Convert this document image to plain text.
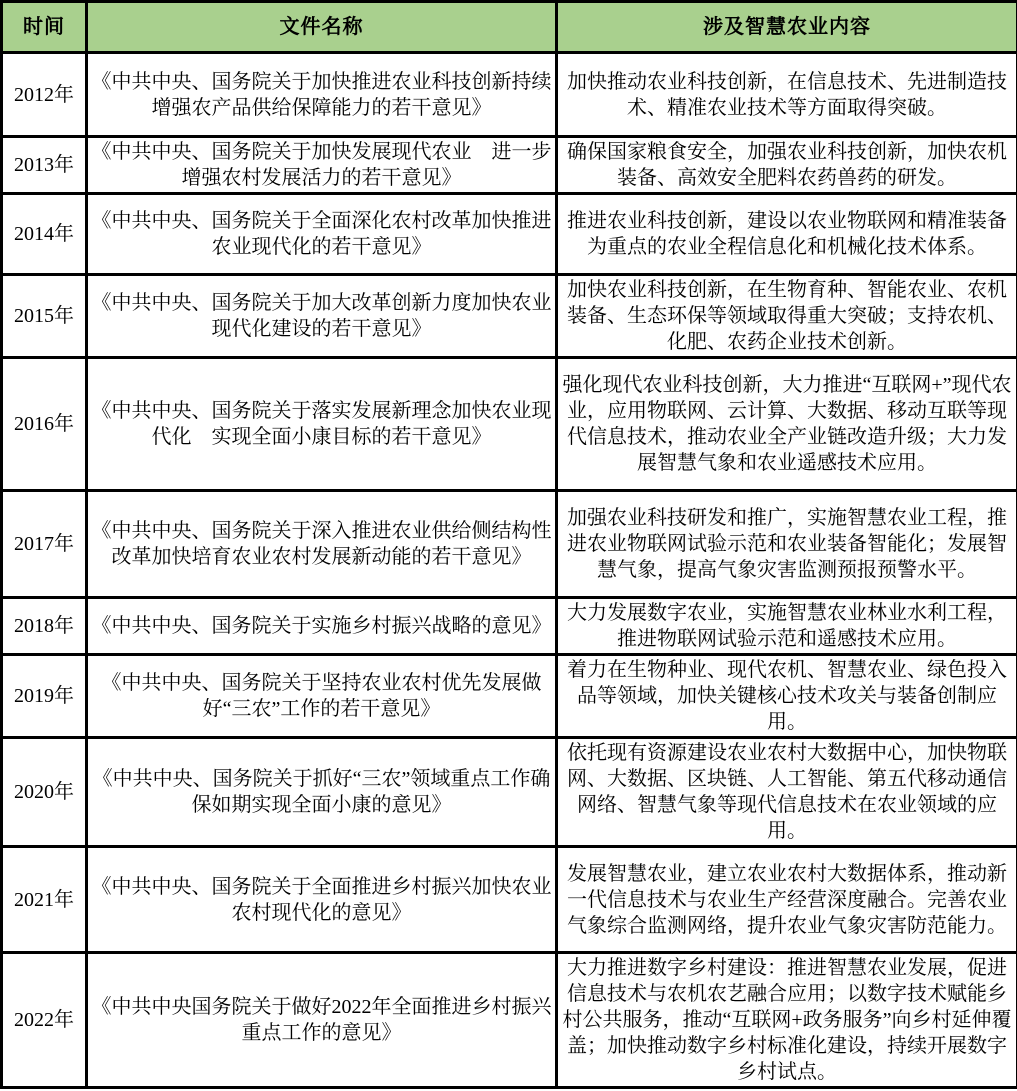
时间	文件名称	涉及智慧农业内容
2012年	《中共中央、国务院关于加快推进农业科技创新持续增强农产品供给保障能力的若干意见》	加快推动农业科技创新，在信息技术、先进制造技术、精准农业技术等方面取得突破。
2013年	《中共中央、国务院关于加快发展现代农业　进一步增强农村发展活力的若干意见》	确保国家粮食安全，加强农业科技创新，加快农机装备、高效安全肥料农药兽药的研发。
2014年	《中共中央、国务院关于全面深化农村改革加快推进农业现代化的若干意见》	推进农业科技创新，建设以农业物联网和精准装备为重点的农业全程信息化和机械化技术体系。
2015年	《中共中央、国务院关于加大改革创新力度加快农业现代化建设的若干意见》	加快农业科技创新，在生物育种、智能农业、农机装备、生态环保等领域取得重大突破；支持农机、化肥、农药企业技术创新。
2016年	《中共中央、国务院关于落实发展新理念加快农业现代化　实现全面小康目标的若干意见》	强化现代农业科技创新，大力推进“互联网+”现代农业，应用物联网、云计算、大数据、移动互联等现代信息技术，推动农业全产业链改造升级；大力发展智慧气象和农业遥感技术应用。
2017年	《中共中央、国务院关于深入推进农业供给侧结构性改革加快培育农业农村发展新动能的若干意见》	加强农业科技研发和推广，实施智慧农业工程，推进农业物联网试验示范和农业装备智能化；发展智慧气象，提高气象灾害监测预报预警水平。
2018年	《中共中央、国务院关于实施乡村振兴战略的意见》	大力发展数字农业，实施智慧农业林业水利工程，推进物联网试验示范和遥感技术应用。
2019年	《中共中央、国务院关于坚持农业农村优先发展做好“三农”工作的若干意见》	着力在生物种业、现代农机、智慧农业、绿色投入品等领域，加快关键核心技术攻关与装备创制应用。
2020年	《中共中央、国务院关于抓好“三农”领域重点工作确保如期实现全面小康的意见》	依托现有资源建设农业农村大数据中心，加快物联网、大数据、区块链、人工智能、第五代移动通信网络、智慧气象等现代信息技术在农业领域的应用。
2021年	《中共中央、国务院关于全面推进乡村振兴加快农业农村现代化的意见》	发展智慧农业，建立农业农村大数据体系，推动新一代信息技术与农业生产经营深度融合。完善农业气象综合监测网络，提升农业气象灾害防范能力。
2022年	《中共中央国务院关于做好2022年全面推进乡村振兴重点工作的意见》	大力推进数字乡村建设：推进智慧农业发展，促进信息技术与农机农艺融合应用；以数字技术赋能乡村公共服务，推动“互联网+政务服务”向乡村延伸覆盖；加快推动数字乡村标准化建设，持续开展数字乡村试点。
